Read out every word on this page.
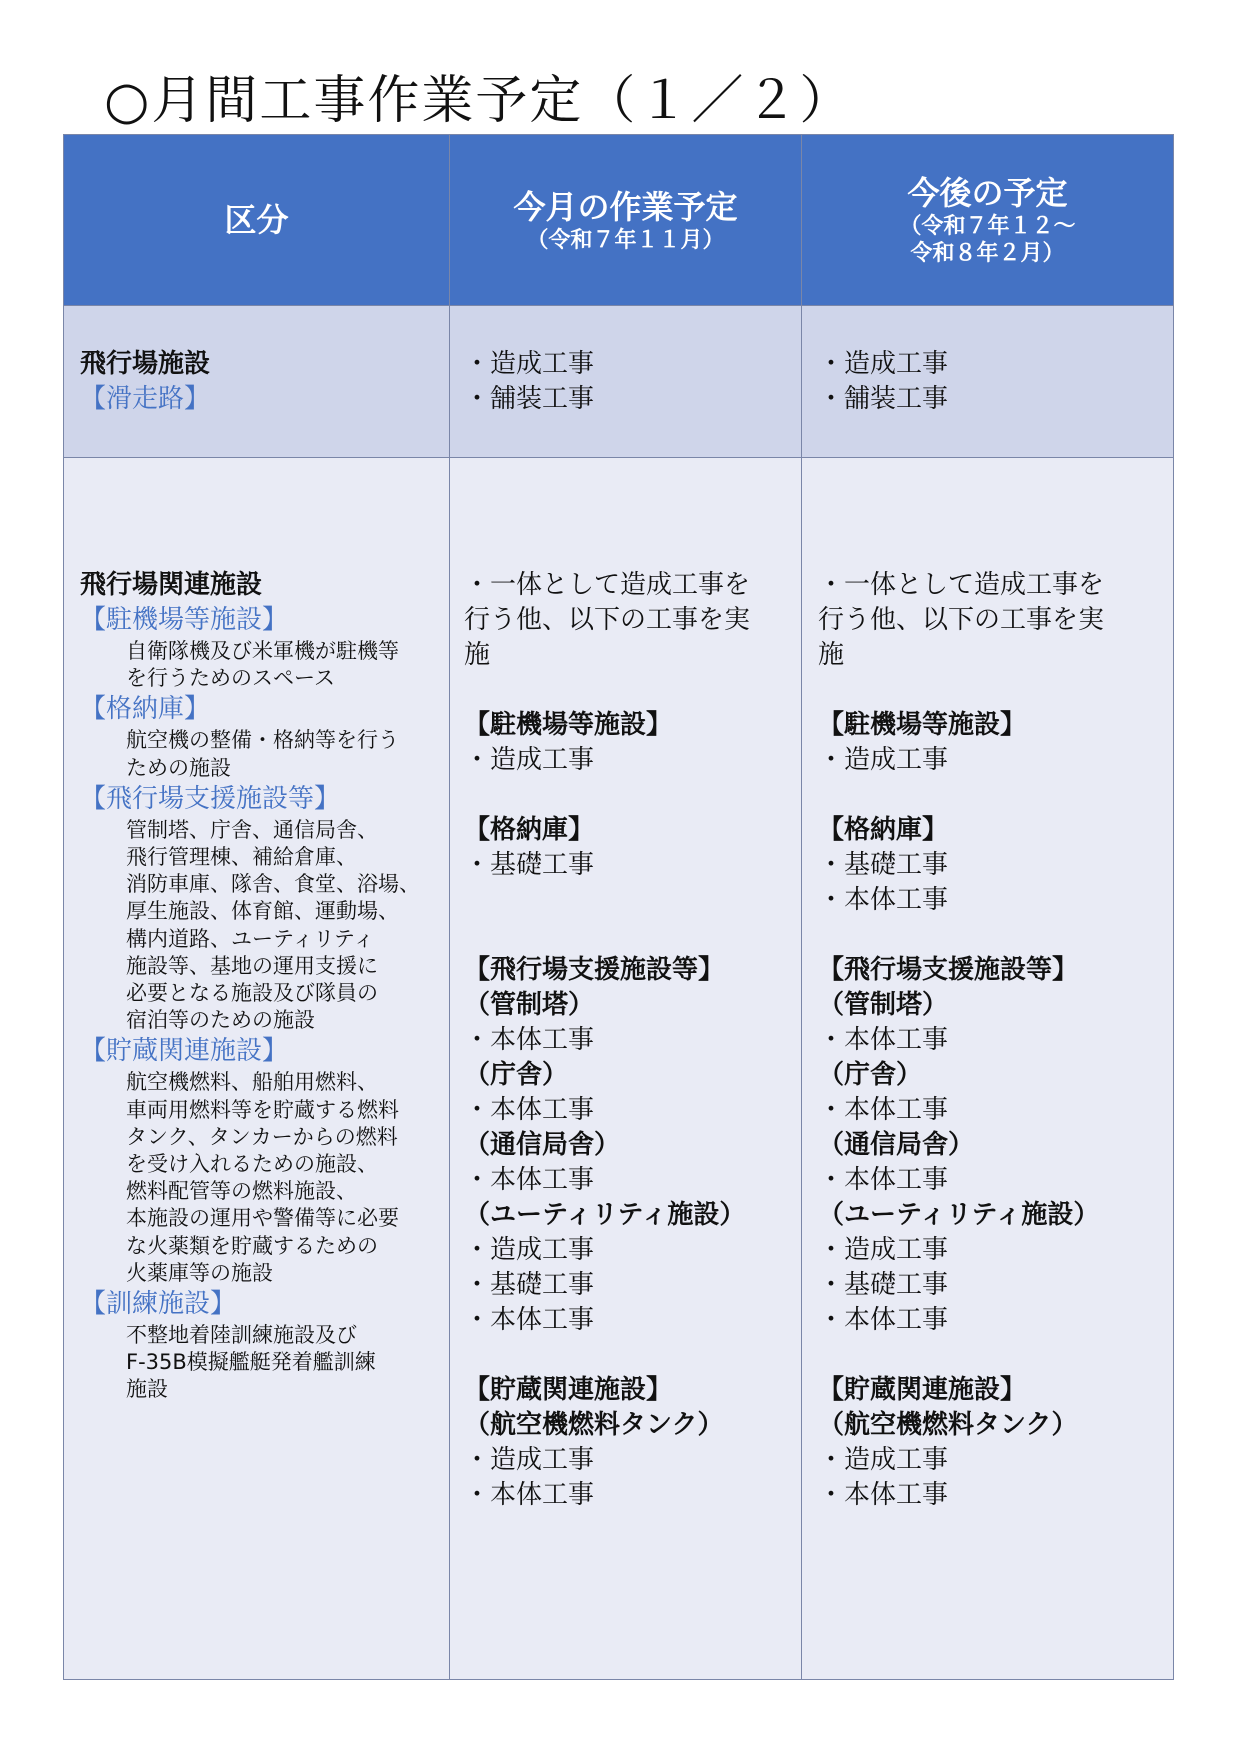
○月間工事作業予定（１／２）
区分	今月の作業予定
（令和７年１１月）
今後の予定
（令和７年１２～
令和８年２月）
飛行場施設
【滑走路】
・造成工事
・舗装工事
・造成工事
・舗装工事
飛行場関連施設
【駐機場等施設】
自衛隊機及び米軍機が駐機等
を行うためのスペース
【格納庫】
航空機の整備・格納等を行う
ための施設
【飛行場支援施設等】
管制塔、庁舎、通信局舎、
飛行管理棟、補給倉庫、
消防車庫、隊舎、食堂、浴場、
厚生施設、体育館、運動場、
構内道路、ユーティリティ
施設等、基地の運用支援に
必要となる施設及び隊員の
宿泊等のための施設
【貯蔵関連施設】
航空機燃料、船舶用燃料、
車両用燃料等を貯蔵する燃料
タンク、タンカーからの燃料
を受け入れるための施設、
燃料配管等の燃料施設、
本施設の運用や警備等に必要
な火薬類を貯蔵するための
火薬庫等の施設
【訓練施設】
不整地着陸訓練施設及び
F-35B模擬艦艇発着艦訓練
施設
・一体として造成工事を
行う他、以下の工事を実
施
【駐機場等施設】
・造成工事
【格納庫】
・基礎工事
【飛行場支援施設等】
（管制塔）
・本体工事
（庁舎）
・本体工事
（通信局舎）
・本体工事
（ユーティリティ施設）
・造成工事
・基礎工事
・本体工事
【貯蔵関連施設】
（航空機燃料タンク）
・造成工事
・本体工事
・一体として造成工事を
行う他、以下の工事を実
施
【駐機場等施設】
・造成工事
【格納庫】
・基礎工事
・本体工事
【飛行場支援施設等】
（管制塔）
・本体工事
（庁舎）
・本体工事
（通信局舎）
・本体工事
（ユーティリティ施設）
・造成工事
・基礎工事
・本体工事
【貯蔵関連施設】
（航空機燃料タンク）
・造成工事
・本体工事
